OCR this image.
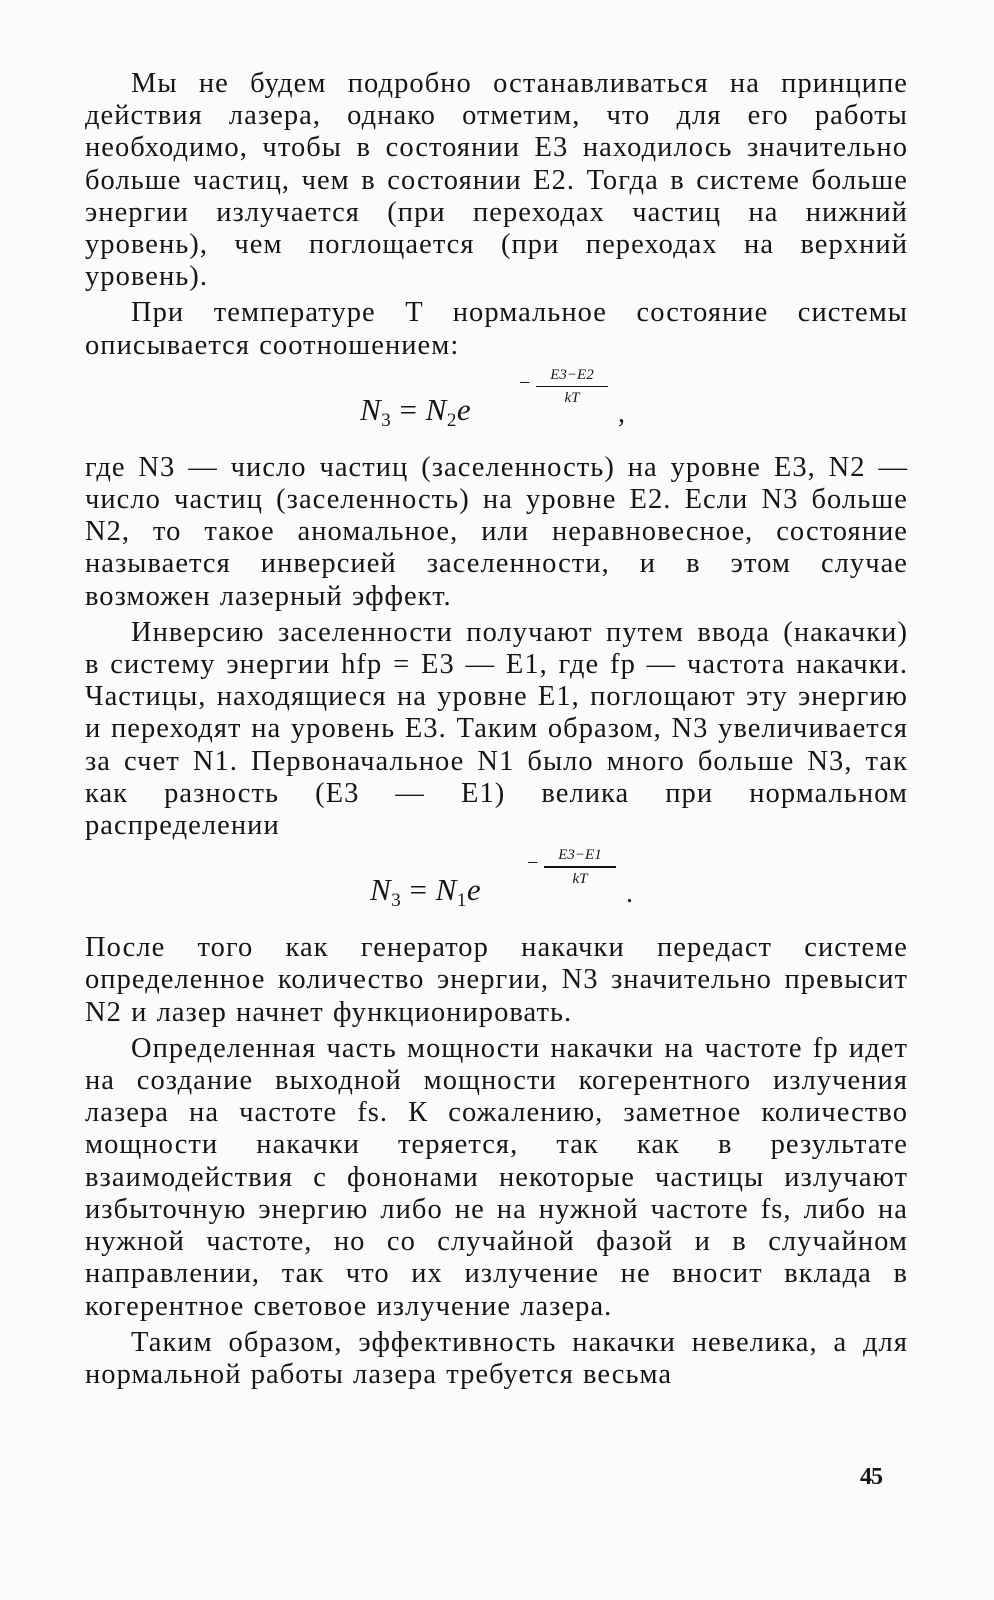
Мы не будем подробно останавливаться на принципе действия лазера, однако отметим, что для его работы необходимо, чтобы в состоянии E3 находилось значительно больше частиц, чем в состоянии E2. Тогда в системе больше энергии излучается (при переходах частиц на нижний уровень), чем поглощается (при переходах на верхний уровень).

При температуре T нормальное состояние системы описывается соотношением:

N3 = N2e
−	E3−E2
kT	,

где N3 — число частиц (заселенность) на уровне E3, N2 — число частиц (заселенность) на уровне E2. Если N3 больше N2, то такое аномальное, или неравновесное, состояние называется инверсией заселенности, и в этом случае возможен лазерный эффект.

Инверсию заселенности получают путем ввода (накачки) в систему энергии hfp = E3 — E1, где fp — частота накачки. Частицы, находящиеся на уровне E1, поглощают эту энергию и переходят на уровень E3. Таким образом, N3 увеличивается за счет N1. Первоначальное N1 было много больше N3, так как разность (E3 — E1) велика при нормальном распределении

N3 = N1e
−	E3−E1
kT	.

После того как генератор накачки передаст системе определенное количество энергии, N3 значительно превысит N2 и лазер начнет функционировать.

Определенная часть мощности накачки на частоте fp идет на создание выходной мощности когерентного излучения лазера на частоте fs. К сожалению, заметное количество мощности накачки теряется, так как в результате взаимодействия с фононами некоторые частицы излучают избыточную энергию либо не на нужной частоте fs, либо на нужной частоте, но со случайной фазой и в случайном направлении, так что их излучение не вносит вклада в когерентное световое излучение лазера.

Таким образом, эффективность накачки невелика, а для нормальной работы лазера требуется весьма

45
